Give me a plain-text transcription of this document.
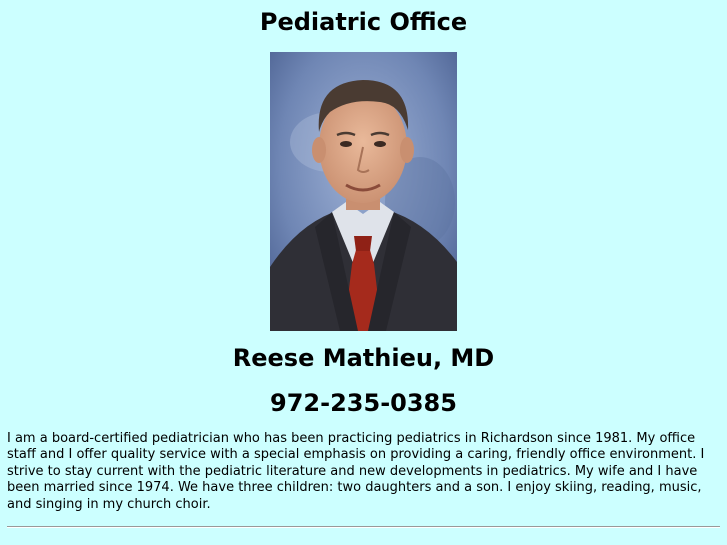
Pediatric Office
Reese Mathieu, MD
972-235-0385

I am a board-certified pediatrician who has been practicing pediatrics in Richardson since 1981. My office staff and I offer quality service with a special emphasis on providing a caring, friendly office environment. I strive to stay current with the pediatric literature and new developments in pediatrics. My wife and I have been married since 1974. We have three children: two daughters and a son. I enjoy skiing, reading, music, and singing in my church choir.
